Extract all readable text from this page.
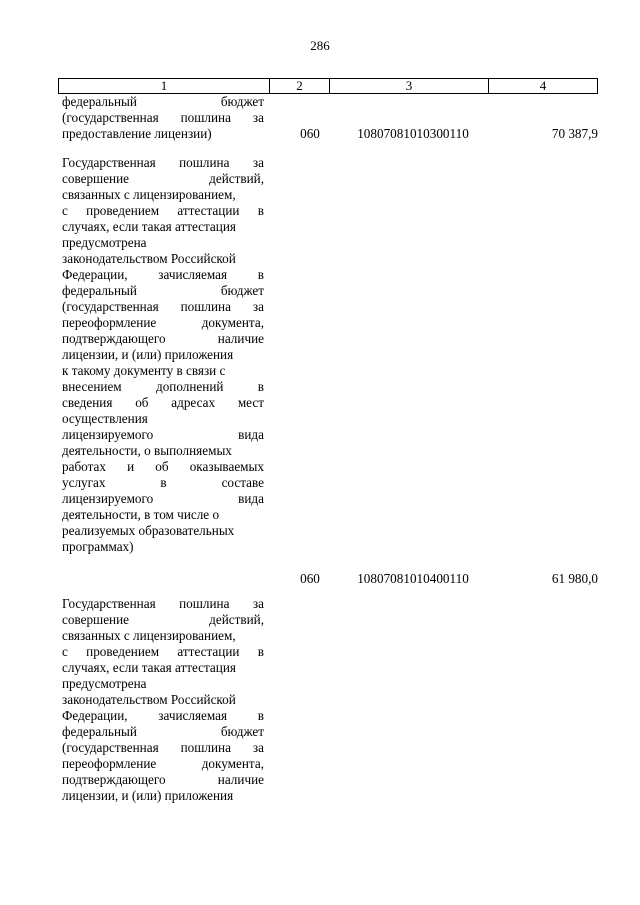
286
1	2	3	4
федеральный	бюджет
(государственная пошлина за
предоставление лицензии)	060	10807081010300110	70 387,9
Государственная пошлина за
совершение	действий,
связанных с лицензированием,
с проведением аттестации в
случаях, если такая аттестация
предусмотрена
законодательством Российской
Федерации, зачисляемая в
федеральный	бюджет
(государственная пошлина за
переоформление	документа,
подтверждающего	наличие
лицензии, и (или) приложения
к такому документу в связи с
внесением	дополнений	в
сведения об адресах мест
осуществления
лицензируемого	вида
деятельности, о выполняемых
работах и об оказываемых
услугах	в	составе
лицензируемого	вида
деятельности, в том числе о
реализуемых образовательных
программах)
060	10807081010400110	61 980,0
Государственная пошлина за
совершение	действий,
связанных с лицензированием,
с проведением аттестации в
случаях, если такая аттестация
предусмотрена
законодательством Российской
Федерации, зачисляемая в
федеральный	бюджет
(государственная пошлина за
переоформление	документа,
подтверждающего	наличие
лицензии, и (или) приложения
